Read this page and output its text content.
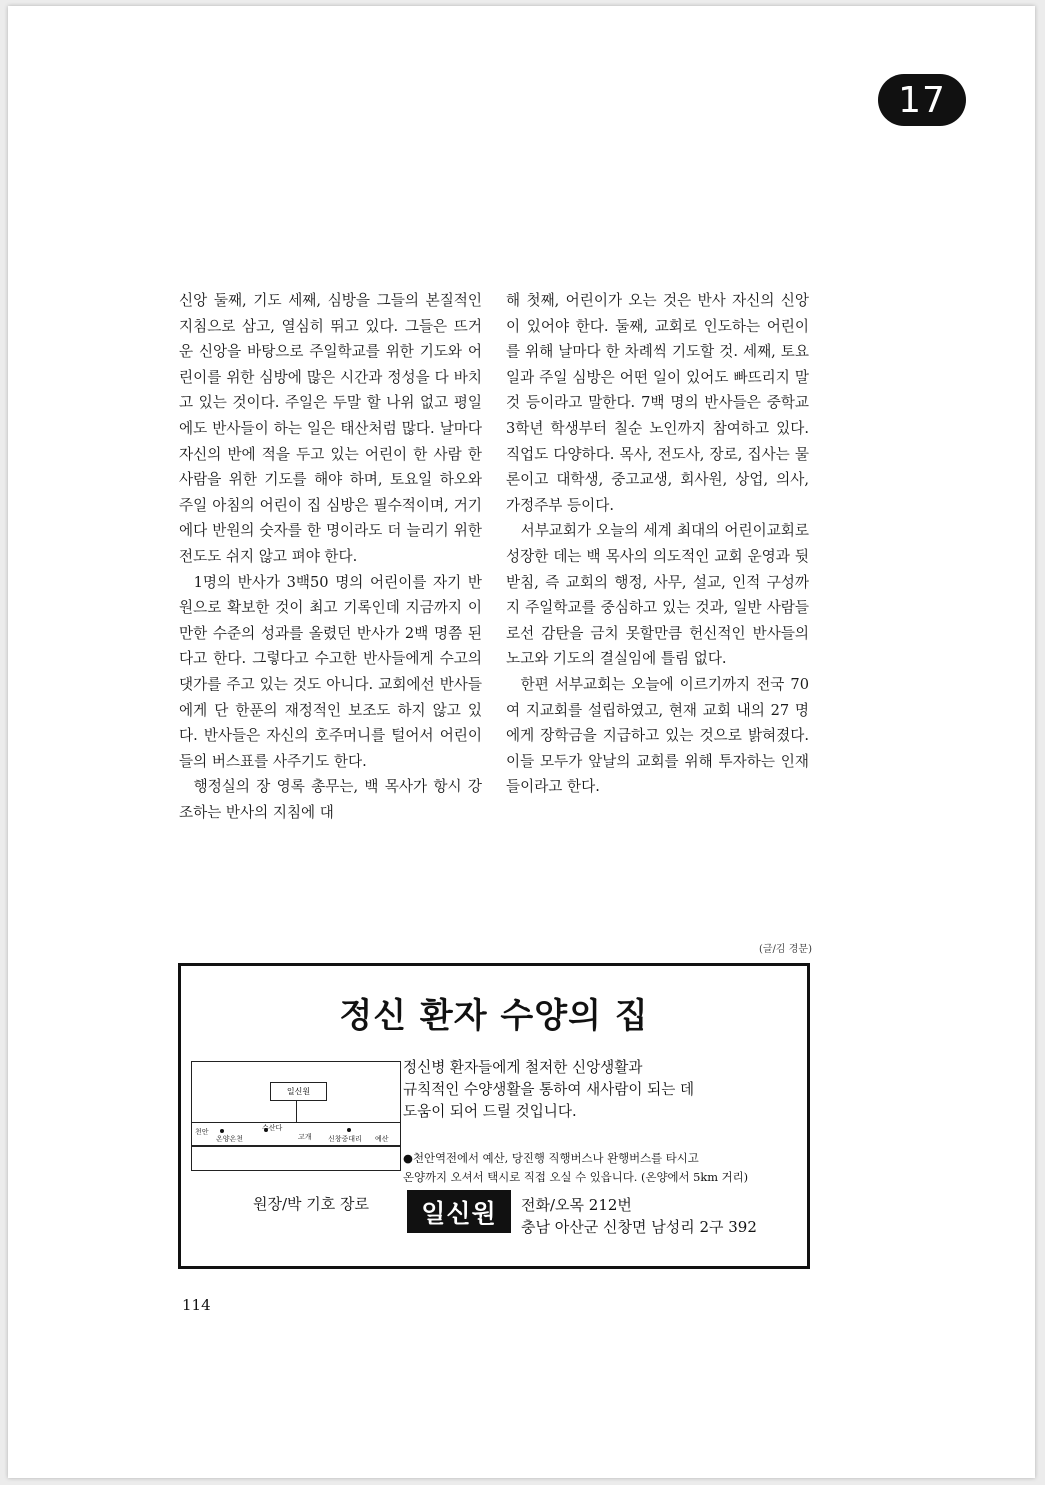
17

신앙 둘째, 기도 세째, 심방을 그들의 본질적인 지침으로 삼고, 열심히 뛰고 있다. 그들은 뜨거운 신앙을 바탕으로 주일학교를 위한 기도와 어린이를 위한 심방에 많은 시간과 정성을 다 바치고 있는 것이다. 주일은 두말 할 나위 없고 평일에도 반사들이 하는 일은 태산처럼 많다. 날마다 자신의 반에 적을 두고 있는 어린이 한 사람 한 사람을 위한 기도를 해야 하며, 토요일 하오와 주일 아침의 어린이 집 심방은 필수적이며, 거기에다 반원의 숫자를 한 명이라도 더 늘리기 위한 전도도 쉬지 않고 펴야 한다.

1명의 반사가 3백50 명의 어린이를 자기 반원으로 확보한 것이 최고 기록인데 지금까지 이만한 수준의 성과를 올렸던 반사가 2백 명쯤 된다고 한다. 그렇다고 수고한 반사들에게 수고의 댓가를 주고 있는 것도 아니다. 교회에선 반사들에게 단 한푼의 재정적인 보조도 하지 않고 있다. 반사들은 자신의 호주머니를 털어서 어린이들의 버스표를 사주기도 한다.

행정실의 장 영록 총무는, 백 목사가 항시 강조하는 반사의 지침에 대

해 첫째, 어린이가 오는 것은 반사 자신의 신앙이 있어야 한다. 둘째, 교회로 인도하는 어린이를 위해 날마다 한 차례씩 기도할 것. 세째, 토요일과 주일 심방은 어떤 일이 있어도 빠뜨리지 말 것 등이라고 말한다. 7백 명의 반사들은 중학교 3학년 학생부터 칠순 노인까지 참여하고 있다. 직업도 다양하다. 목사, 전도사, 장로, 집사는 물론이고 대학생, 중고교생, 회사원, 상업, 의사, 가정주부 등이다.

서부교회가 오늘의 세계 최대의 어린이교회로 성장한 데는 백 목사의 의도적인 교회 운영과 뒷받침, 즉 교회의 행정, 사무, 설교, 인적 구성까지 주일학교를 중심하고 있는 것과, 일반 사람들로선 감탄을 금치 못할만큼 헌신적인 반사들의 노고와 기도의 결실임에 틀림 없다.

한편 서부교회는 오늘에 이르기까지 전국 70여 지교회를 설립하였고, 현재 교회 내의 27 명에게 장학금을 지급하고 있는 것으로 밝혀졌다. 이들 모두가 앞날의 교회를 위해 투자하는 인재들이라고 한다.

(글/김 경문)
정신 환자 수양의 집
일신원
천안
온양온천
수산다
고개 신창중대리 예산
정신병 환자들에게 철저한 신앙생활과
규칙적인 수양생활을 통하여 새사람이 되는 데
도움이 되어 드릴 것입니다.
●천안역전에서 예산, 당진행 직행버스나 완행버스를 타시고
온양까지 오셔서 택시로 직접 오실 수 있읍니다. (온양에서 5km 거리)
원장/박 기호 장로	일신원	전화/오목 212번
충남 아산군 신창면 남성리 2구 392
114
